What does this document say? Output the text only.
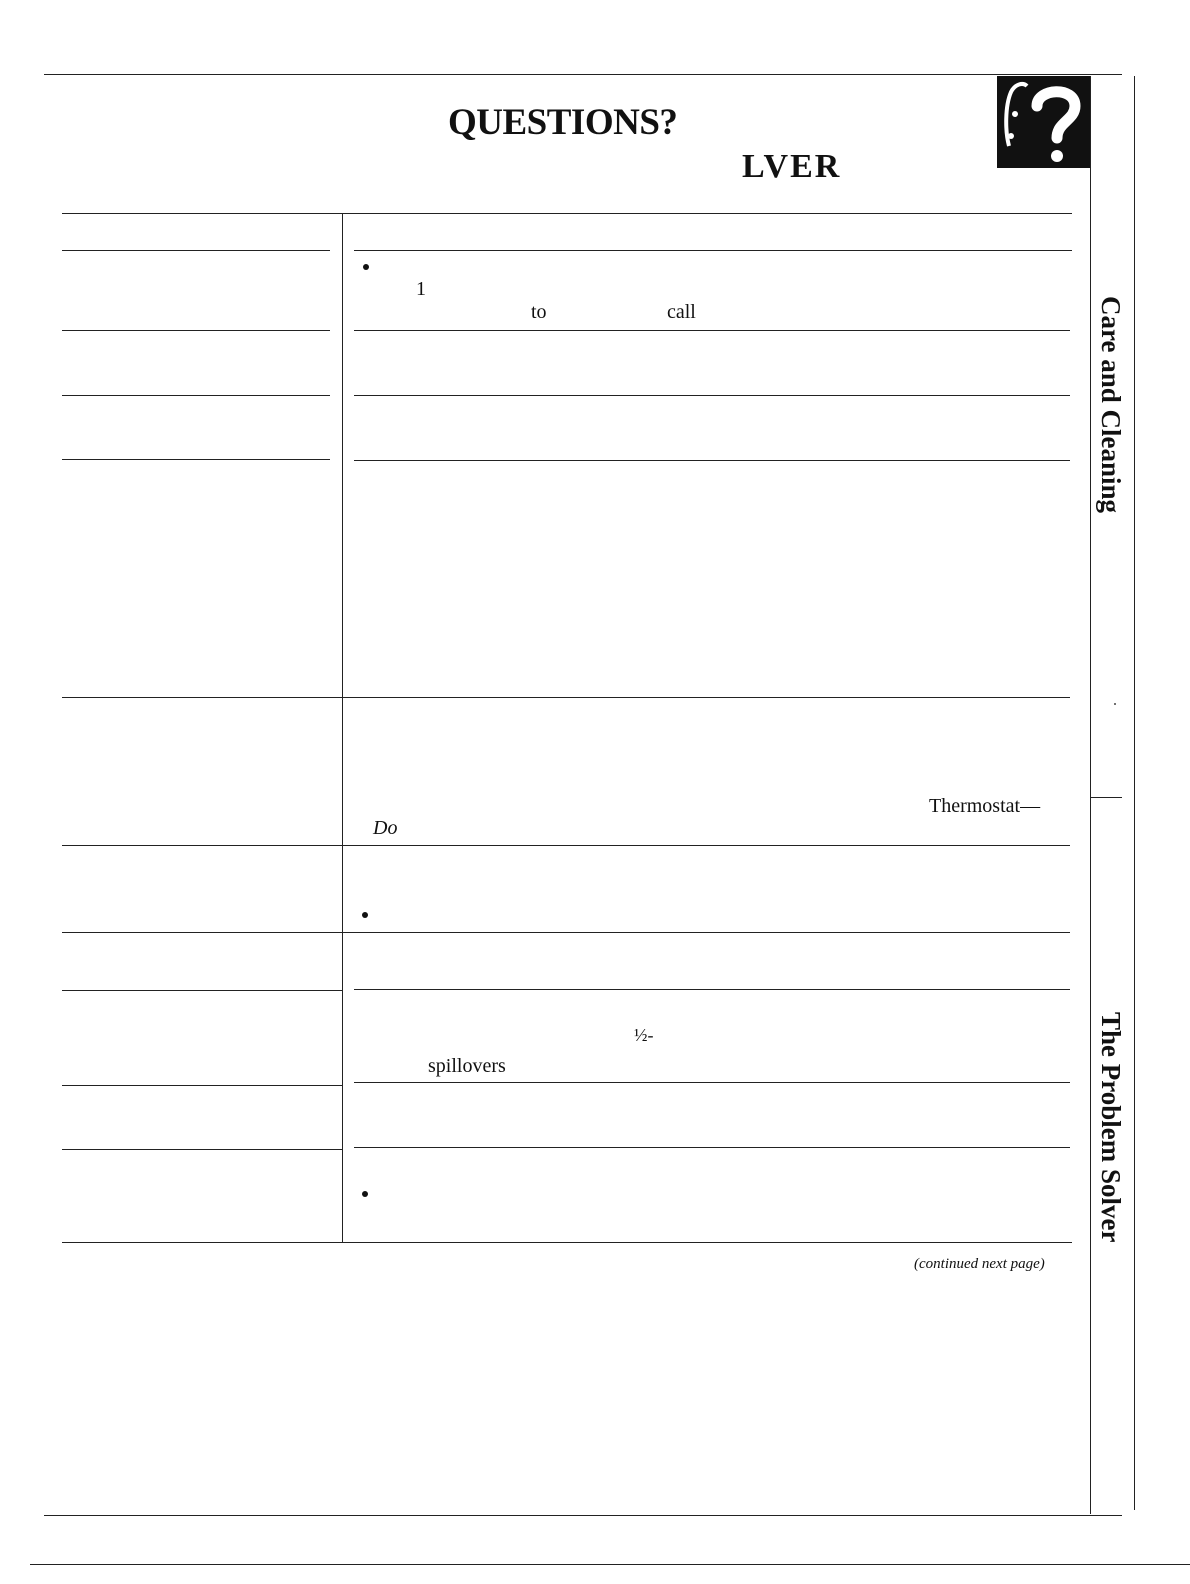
QUESTIONS?
LVER
Care and Cleaning
The Problem Solver
1
to	call
Thermostat—
Do
½-
spillovers
(continued next page)
